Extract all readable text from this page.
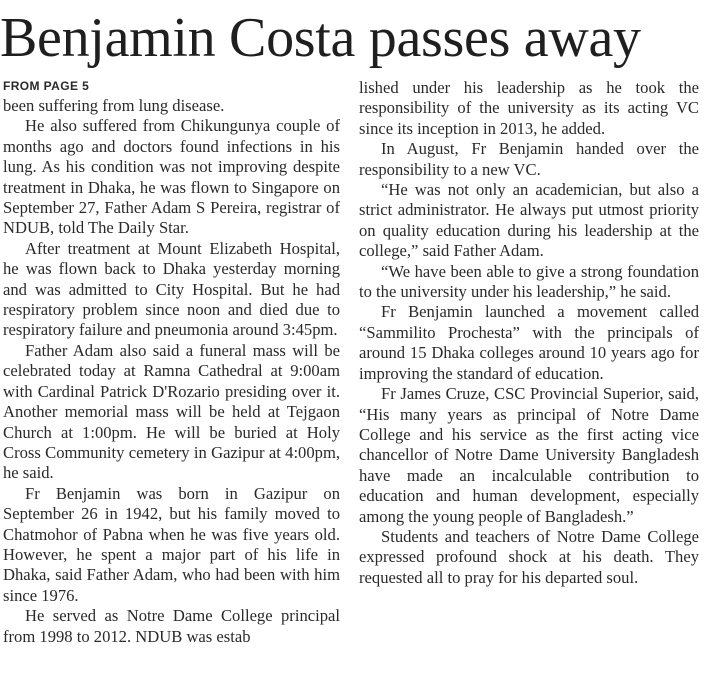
Benjamin Costa passes away
FROM PAGE 5

been suffering from lung disease.

He also suffered from Chikungunya couple of months ago and doctors found infections in his lung. As his condition was not improving despite treatment in Dhaka, he was flown to Singapore on September 27, Father Adam S Pereira, registrar of NDUB, told The Daily Star.

After treatment at Mount Elizabeth Hospital, he was flown back to Dhaka yesterday morning and was admitted to City Hospital. But he had respiratory problem since noon and died due to respiratory failure and pneumonia around 3:45pm.

Father Adam also said a funeral mass will be celebrated today at Ramna Cathedral at 9:00am with Cardinal Patrick D'Rozario presiding over it. Another memorial mass will be held at Tejgaon Church at 1:00pm. He will be buried at Holy Cross Community cemetery in Gazipur at 4:00pm, he said.

Fr Benjamin was born in Gazipur on September 26 in 1942, but his family moved to Chatmohor of Pabna when he was five years old. However, he spent a major part of his life in Dhaka, said Father Adam, who had been with him since 1976.

He served as Notre Dame College principal from 1998 to 2012. NDUB was estab

lished under his leadership as he took the responsibility of the university as its acting VC since its inception in 2013, he added.

In August, Fr Benjamin handed over the responsibility to a new VC.

“He was not only an academician, but also a strict administrator. He always put utmost priority on quality education during his leadership at the college,” said Father Adam.

“We have been able to give a strong foundation to the university under his leadership,” he said.

Fr Benjamin launched a movement called “Sammilito Prochesta” with the principals of around 15 Dhaka colleges around 10 years ago for improving the standard of education.

Fr James Cruze, CSC Provincial Superior, said, “His many years as principal of Notre Dame College and his service as the first acting vice chancellor of Notre Dame University Bangladesh have made an incalculable contribution to education and human development, especially among the young people of Bangladesh.”

Students and teachers of Notre Dame College expressed profound shock at his death. They requested all to pray for his departed soul.
